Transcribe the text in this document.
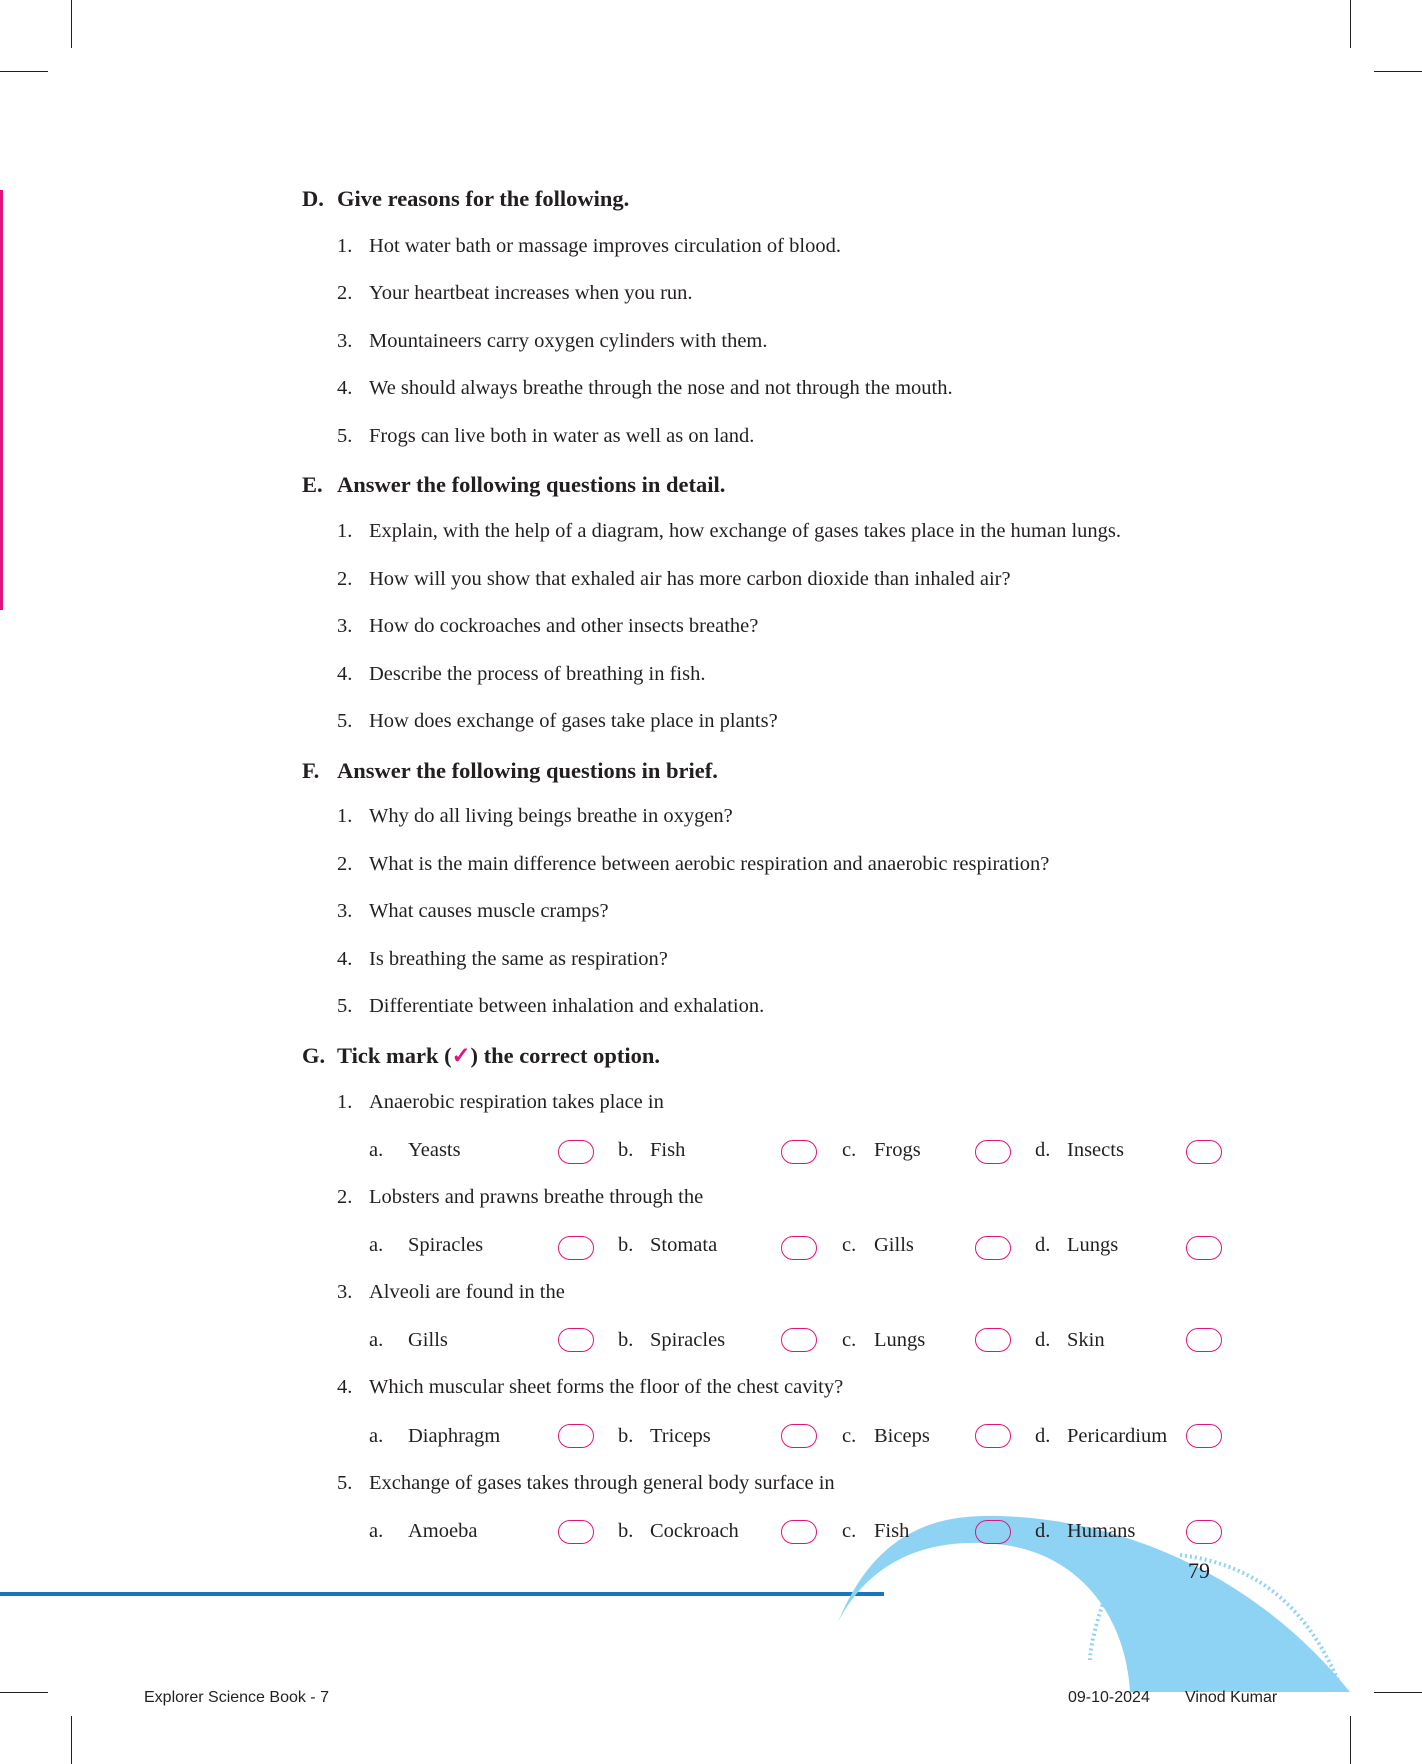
D. Give reasons for the following.
1. Hot water bath or massage improves circulation of blood.
2. Your heartbeat increases when you run.
3. Mountaineers carry oxygen cylinders with them.
4. We should always breathe through the nose and not through the mouth.
5. Frogs can live both in water as well as on land.
E. Answer the following questions in detail.
1. Explain, with the help of a diagram, how exchange of gases takes place in the human lungs.
2. How will you show that exhaled air has more carbon dioxide than inhaled air?
3. How do cockroaches and other insects breathe?
4. Describe the process of breathing in fish.
5. How does exchange of gases take place in plants?
F. Answer the following questions in brief.
1. Why do all living beings breathe in oxygen?
2. What is the main difference between aerobic respiration and anaerobic respiration?
3. What causes muscle cramps?
4. Is breathing the same as respiration?
5. Differentiate between inhalation and exhalation.
G. Tick mark (✓) the correct option.
1. Anaerobic respiration takes place in
a. Yeasts	b. Fish	c. Frogs	d. Insects
2. Lobsters and prawns breathe through the
a. Spiracles	b. Stomata	c. Gills	d. Lungs
3. Alveoli are found in the
a. Gills	b. Spiracles	c. Lungs	d. Skin
4. Which muscular sheet forms the floor of the chest cavity?
a. Diaphragm	b. Triceps	c. Biceps	d. Pericardium
5. Exchange of gases takes through general body surface in
a. Amoeba	b. Cockroach	c. Fish	d. Humans
79
Explorer Science Book - 7	09-10-2024 Vinod Kumar
